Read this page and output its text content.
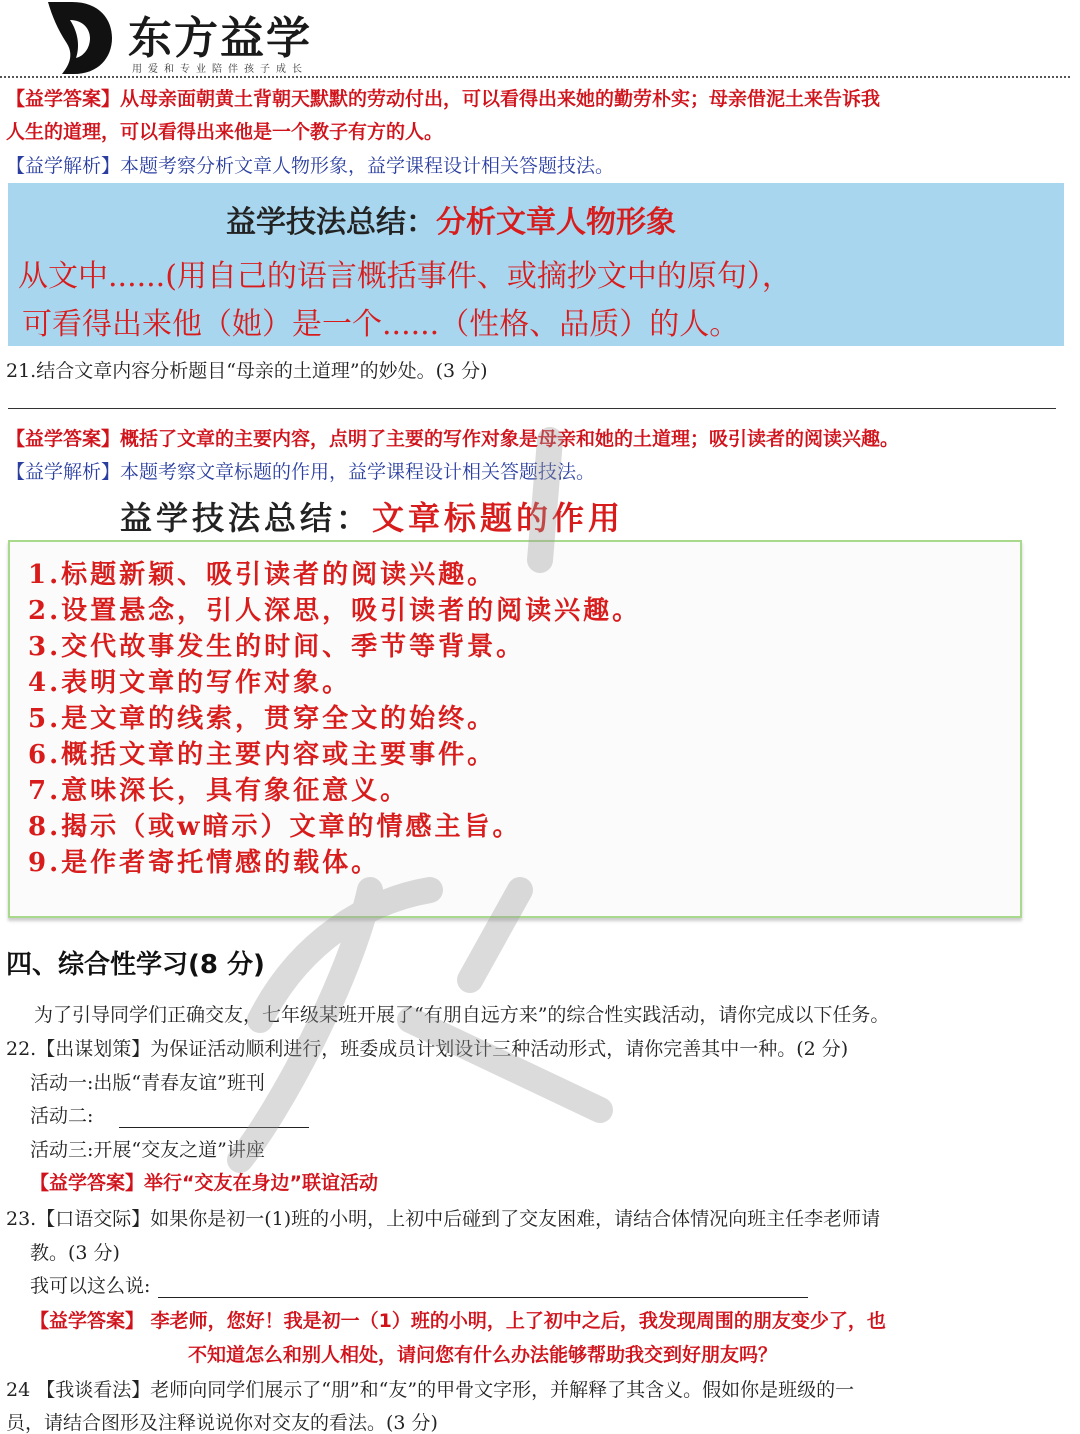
东方益学
用爱和专业陪伴孩子成长
【益学答案】从母亲面朝黄土背朝天默默的劳动付出，可以看得出来她的勤劳朴实；母亲借泥土来告诉我
人生的道理，可以看得出来他是一个教子有方的人。
【益学解析】本题考察分析文章人物形象，益学课程设计相关答题技法。
益学技法总结：分析文章人物形象
从文中......(用自己的语言概括事件、或摘抄文中的原句），
可看得出来他（她）是一个......（性格、品质）的人。
21.结合文章内容分析题目“母亲的土道理”的妙处。(3 分)
【益学答案】概括了文章的主要内容，点明了主要的写作对象是母亲和她的土道理；吸引读者的阅读兴趣。
【益学解析】本题考察文章标题的作用，益学课程设计相关答题技法。
益学技法总结：文章标题的作用
1.标题新颖、吸引读者的阅读兴趣。
2.设置悬念，引人深思，吸引读者的阅读兴趣。
3.交代故事发生的时间、季节等背景。
4.表明文章的写作对象。
5.是文章的线索，贯穿全文的始终。
6.概括文章的主要内容或主要事件。
7.意味深长，具有象征意义。
8.揭示（或w暗示）文章的情感主旨。
9.是作者寄托情感的载体。
四、综合性学习(8 分)
为了引导同学们正确交友，七年级某班开展了“有朋自远方来”的综合性实践活动，请你完成以下任务。
22.【出谋划策】为保证活动顺利进行，班委成员计划设计三种活动形式，请你完善其中一种。(2 分)
活动一:出版“青春友谊”班刊
活动二:
活动三:开展“交友之道”讲座
【益学答案】举行“交友在身边”联谊活动
23.【口语交际】如果你是初一(1)班的小明，上初中后碰到了交友困难，请结合体情况向班主任李老师请
教。(3 分)
我可以这么说:
【益学答案】 李老师，您好！我是初一（1）班的小明，上了初中之后，我发现周围的朋友变少了，也
不知道怎么和别人相处，请问您有什么办法能够帮助我交到好朋友吗？
24 【我谈看法】老师向同学们展示了“朋”和“友”的甲骨文字形，并解释了其含义。假如你是班级的一
员，请结合图形及注释说说你对交友的看法。(3 分)
